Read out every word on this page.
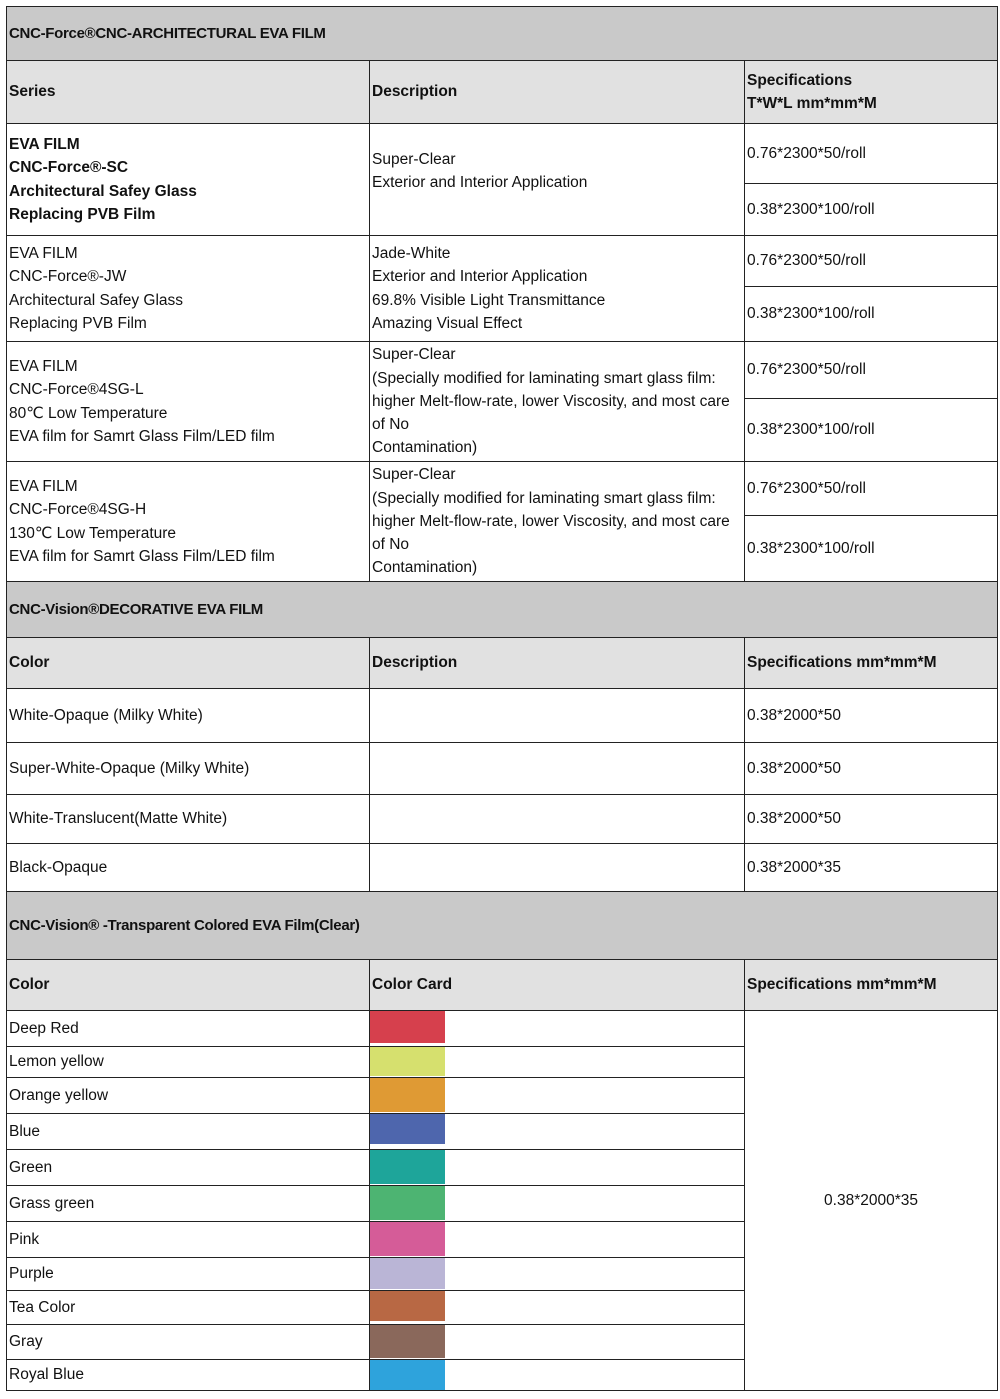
CNC-Force®CNC-ARCHITECTURAL EVA FILM		
Series	Description	Specifications
T*W*L mm*mm*M

EVA FILM
CNC-Force®-SC
Architectural Safey Glass
Replacing PVB Film	Super-Clear
Exterior and Interior Application	0.76*2300*50/roll
		0.38*2300*100/roll

EVA FILM
CNC-Force®-JW
Architectural Safey Glass
Replacing PVB Film	Jade-White
Exterior and Interior Application
69.8% Visible Light Transmittance
Amazing Visual Effect	0.76*2300*50/roll
		0.38*2300*100/roll

EVA FILM
CNC-Force®4SG-L
80℃ Low Temperature
EVA film for Samrt Glass Film/LED film	Super-Clear
(Specially modified for laminating smart glass film: higher Melt-flow-rate, lower Viscosity, and most care of No
Contamination)	0.76*2300*50/roll
		0.38*2300*100/roll

EVA FILM
CNC-Force®4SG-H
130℃ Low Temperature
EVA film for Samrt Glass Film/LED film	Super-Clear
(Specially modified for laminating smart glass film: higher Melt-flow-rate, lower Viscosity, and most care of No
Contamination)	0.76*2300*50/roll
		0.38*2300*100/roll
CNC-Vision®DECORATIVE EVA FILM		
Color	Description	Specifications mm*mm*M
White-Opaque (Milky White)		0.38*2000*50
Super-White-Opaque (Milky White)		0.38*2000*50
White-Translucent(Matte White)		0.38*2000*50
Black-Opaque		0.38*2000*35
CNC-Vision® -Transparent Colored EVA Film(Clear)		
Color	Color Card	Specifications mm*mm*M
Deep Red		0.38*2000*35
Lemon yellow		

Orange yellow		

Blue		

Green		

Grass green		

Pink		

Purple		

Tea Color		

Gray		

Royal Blue		
